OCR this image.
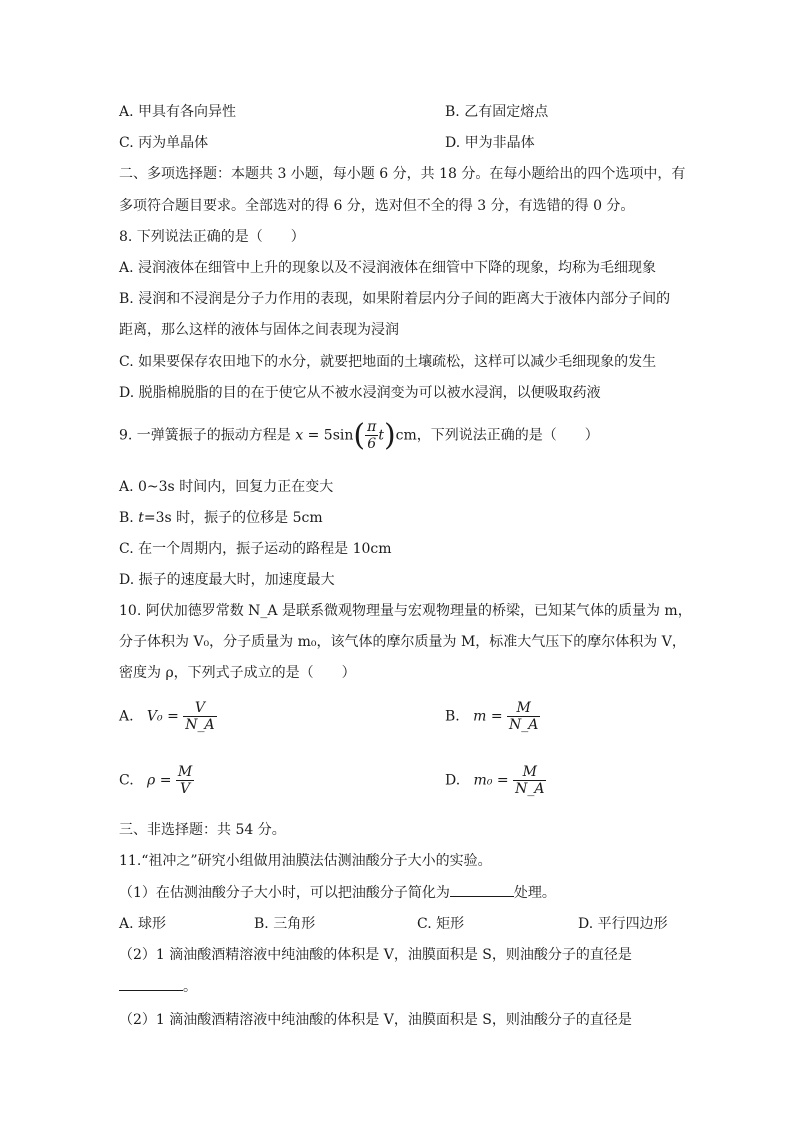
A. 甲具有各向异性	B. 乙有固定熔点
C. 丙为单晶体	D. 甲为非晶体
二、多项选择题：本题共 3 小题，每小题 6 分，共 18 分。在每小题给出的四个选项中，有
多项符合题目要求。全部选对的得 6 分，选对但不全的得 3 分，有选错的得 0 分。
8. 下列说法正确的是（　　）
A. 浸润液体在细管中上升的现象以及不浸润液体在细管中下降的现象，均称为毛细现象
B. 浸润和不浸润是分子力作用的表现，如果附着层内分子间的距离大于液体内部分子间的
距离，那么这样的液体与固体之间表现为浸润
C. 如果要保存农田地下的水分，就要把地面的土壤疏松，这样可以减少毛细现象的发生
D. 脱脂棉脱脂的目的在于使它从不被水浸润变为可以被水浸润，以便吸取药液
9. 一弹簧振子的振动方程是 $x = 5\sin( \frac{\pi}{6} t)cm$，下列说法正确的是（　　）
A. 0~3s 时间内，回复力正在变大
B. t=3s 时，振子的位移是 5cm
C. 在一个周期内，振子运动的路程是 10cm
D. 振子的速度最大时，加速度最大
10. 阿伏加德罗常数 N_A 是联系微观物理量与宏观物理量的桥梁，已知某气体的质量为 m，
分子体积为 V₀，分子质量为 m₀，该气体的摩尔质量为 M，标准大气压下的摩尔体积为 V，
密度为 ρ，下列式子成立的是（　　）
A. $V_0 = \frac{V}{N\_A}$	B. $m = \frac{M}{N\_A}$
C. $\rho = \frac{M}{V}$	D. $m_0 = \frac{M}{N\_A}$
三、非选择题：共 54 分。
11.“祖冲之”研究小组做用油膜法估测油酸分子大小的实验。
（1）在估测油酸分子大小时，可以把油酸分子简化为	处理。
A. 球形	B. 三角形	C. 矩形	D. 平行四边形
（2）1 滴油酸酒精溶液中纯油酸的体积是 V，油膜面积是 S，则油酸分子的直径是
。
（2）1 滴油酸酒精溶液中纯油酸的体积是 V，油膜面积是 S，则油酸分子的直径是
